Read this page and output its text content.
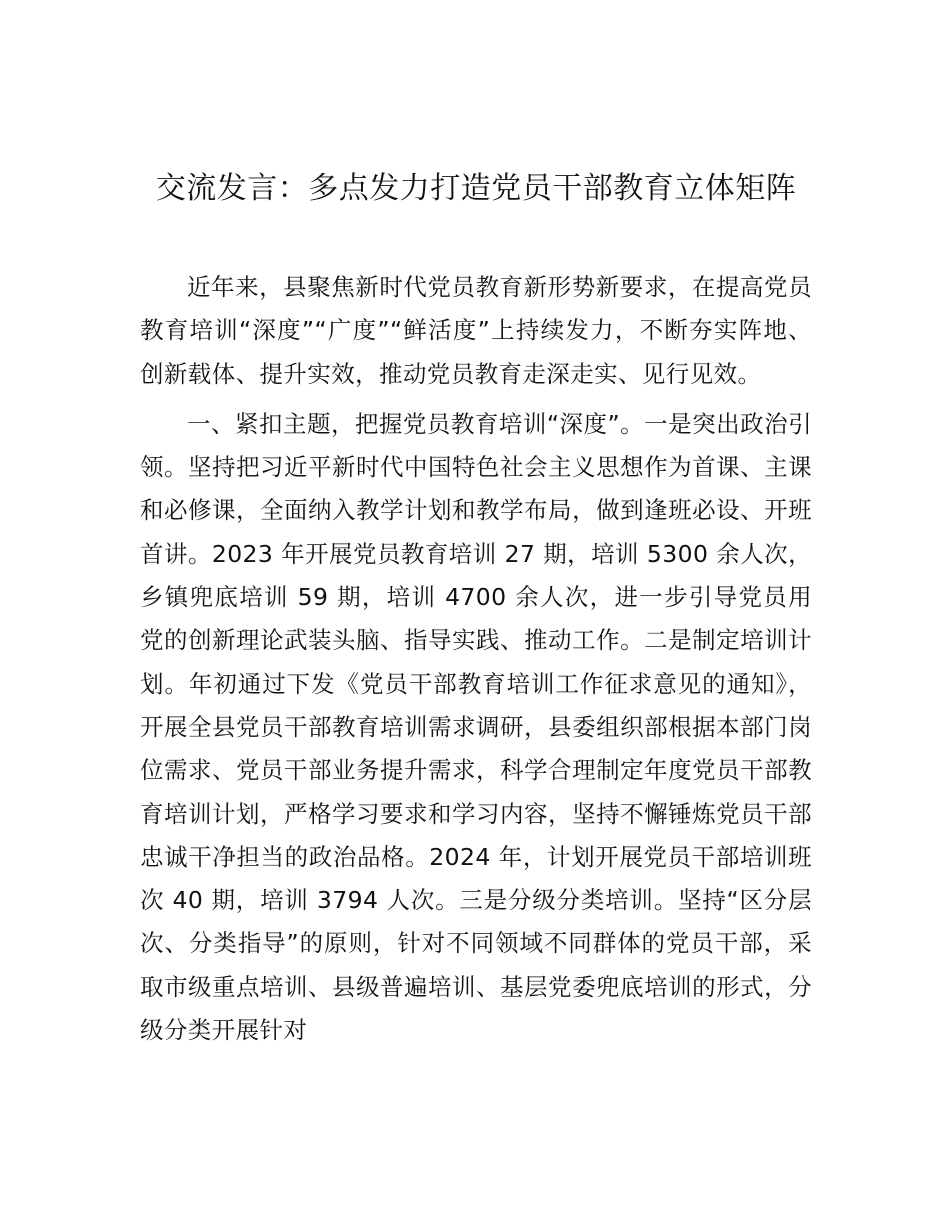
交流发言：多点发力打造党员干部教育立体矩阵

近年来，县聚焦新时代党员教育新形势新要求，在提高党员教育培训“深度”“广度”“鲜活度”上持续发力，不断夯实阵地、创新载体、提升实效，推动党员教育走深走实、见行见效。

一、紧扣主题，把握党员教育培训“深度”。一是突出政治引领。坚持把习近平新时代中国特色社会主义思想作为首课、主课和必修课，全面纳入教学计划和教学布局，做到逢班必设、开班首讲。2023 年开展党员教育培训 27 期，培训 5300 余人次，乡镇兜底培训 59 期，培训 4700 余人次，进一步引导党员用党的创新理论武装头脑、指导实践、推动工作。二是制定培训计划。年初通过下发《党员干部教育培训工作征求意见的通知》，开展全县党员干部教育培训需求调研，县委组织部根据本部门岗位需求、党员干部业务提升需求，科学合理制定年度党员干部教育培训计划，严格学习要求和学习内容，坚持不懈锤炼党员干部忠诚干净担当的政治品格。2024 年，计划开展党员干部培训班次 40 期，培训 3794 人次。三是分级分类培训。坚持“区分层次、分类指导”的原则，针对不同领域不同群体的党员干部，采取市级重点培训、县级普遍培训、基层党委兜底培训的形式，分级分类开展针对
